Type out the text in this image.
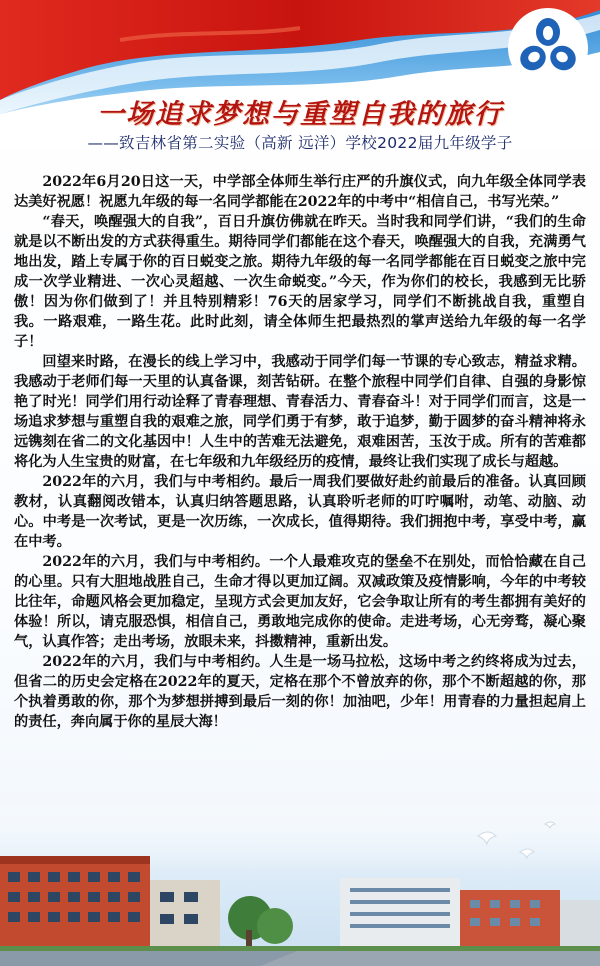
一场追求梦想与重塑自我的旅行
——致吉林省第二实验（高新 远洋）学校2022届九年级学子

2022年6月20日这一天，中学部全体师生举行庄严的升旗仪式，向九年级全体同学表达美好祝愿！祝愿九年级的每一名同学都能在2022年的中考中“相信自己，书写光荣。”

“春天，唤醒强大的自我”，百日升旗仿佛就在昨天。当时我和同学们讲，“我们的生命就是以不断出发的方式获得重生。期待同学们都能在这个春天，唤醒强大的自我，充满勇气地出发，踏上专属于你的百日蜕变之旅。期待九年级的每一名同学都能在百日蜕变之旅中完成一次学业精进、一次心灵超越、一次生命蜕变。”今天，作为你们的校长，我感到无比骄傲！因为你们做到了！并且特别精彩！76天的居家学习，同学们不断挑战自我，重塑自我。一路艰难，一路生花。此时此刻，请全体师生把最热烈的掌声送给九年级的每一名学子！

回望来时路，在漫长的线上学习中，我感动于同学们每一节课的专心致志，精益求精。我感动于老师们每一天里的认真备课，刻苦钻研。在整个旅程中同学们自律、自强的身影惊艳了时光！同学们用行动诠释了青春理想、青春活力、青春奋斗！对于同学们而言，这是一场追求梦想与重塑自我的艰难之旅，同学们勇于有梦，敢于追梦，勤于圆梦的奋斗精神将永远镌刻在省二的文化基因中！人生中的苦难无法避免，艰难困苦，玉汝于成。所有的苦难都将化为人生宝贵的财富，在七年级和九年级经历的疫情，最终让我们实现了成长与超越。

2022年的六月，我们与中考相约。最后一周我们要做好赴约前最后的准备。认真回顾教材，认真翻阅改错本，认真归纳答题思路，认真聆听老师的叮咛嘱咐，动笔、动脑、动心。中考是一次考试，更是一次历练，一次成长，值得期待。我们拥抱中考，享受中考，赢在中考。

2022年的六月，我们与中考相约。一个人最难攻克的堡垒不在别处，而恰恰藏在自己的心里。只有大胆地战胜自己，生命才得以更加辽阔。双减政策及疫情影响，今年的中考较比往年，命题风格会更加稳定，呈现方式会更加友好，它会争取让所有的考生都拥有美好的体验！所以，请克服恐惧，相信自己，勇敢地完成你的使命。走进考场，心无旁骛，凝心聚气，认真作答；走出考场，放眼未来，抖擞精神，重新出发。

2022年的六月，我们与中考相约。人生是一场马拉松，这场中考之约终将成为过去，但省二的历史会定格在2022年的夏天，定格在那个不曾放弃的你，那个不断超越的你，那个执着勇敢的你，那个为梦想拼搏到最后一刻的你！加油吧，少年！用青春的力量担起肩上的责任，奔向属于你的星辰大海！
